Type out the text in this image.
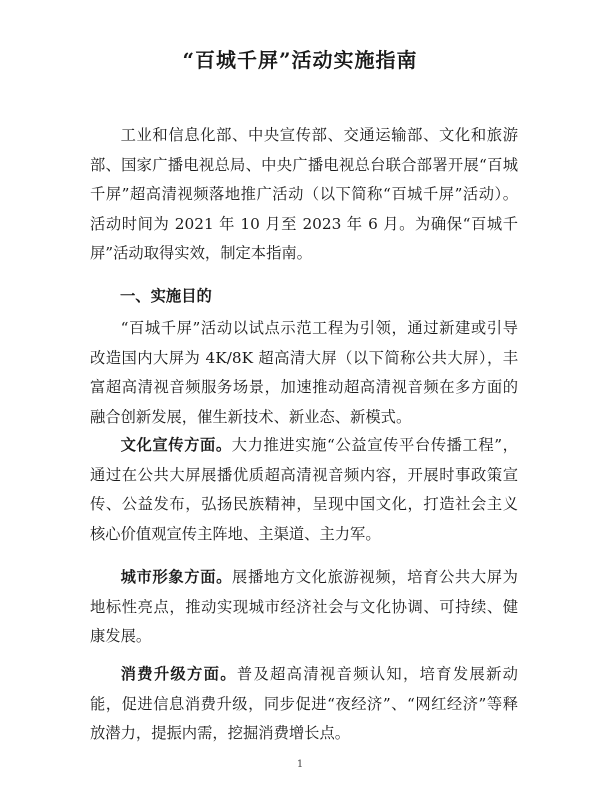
“百城千屏”活动实施指南

工业和信息化部、中央宣传部、交通运输部、文化和旅游部、国家广播电视总局、中央广播电视总台联合部署开展“百城千屏”超高清视频落地推广活动（以下简称“百城千屏”活动）。活动时间为 2021 年 10 月至 2023 年 6 月。为确保“百城千屏”活动取得实效，制定本指南。

一、实施目的

“百城千屏”活动以试点示范工程为引领，通过新建或引导改造国内大屏为 4K/8K 超高清大屏（以下简称公共大屏），丰富超高清视音频服务场景，加速推动超高清视音频在多方面的融合创新发展，催生新技术、新业态、新模式。

文化宣传方面。大力推进实施“公益宣传平台传播工程”，通过在公共大屏展播优质超高清视音频内容，开展时事政策宣传、公益发布，弘扬民族精神，呈现中国文化，打造社会主义核心价值观宣传主阵地、主渠道、主力军。

城市形象方面。展播地方文化旅游视频，培育公共大屏为地标性亮点，推动实现城市经济社会与文化协调、可持续、健康发展。

消费升级方面。普及超高清视音频认知，培育发展新动能，促进信息消费升级，同步促进“夜经济”、“网红经济”等释放潜力，提振内需，挖掘消费增长点。

1
